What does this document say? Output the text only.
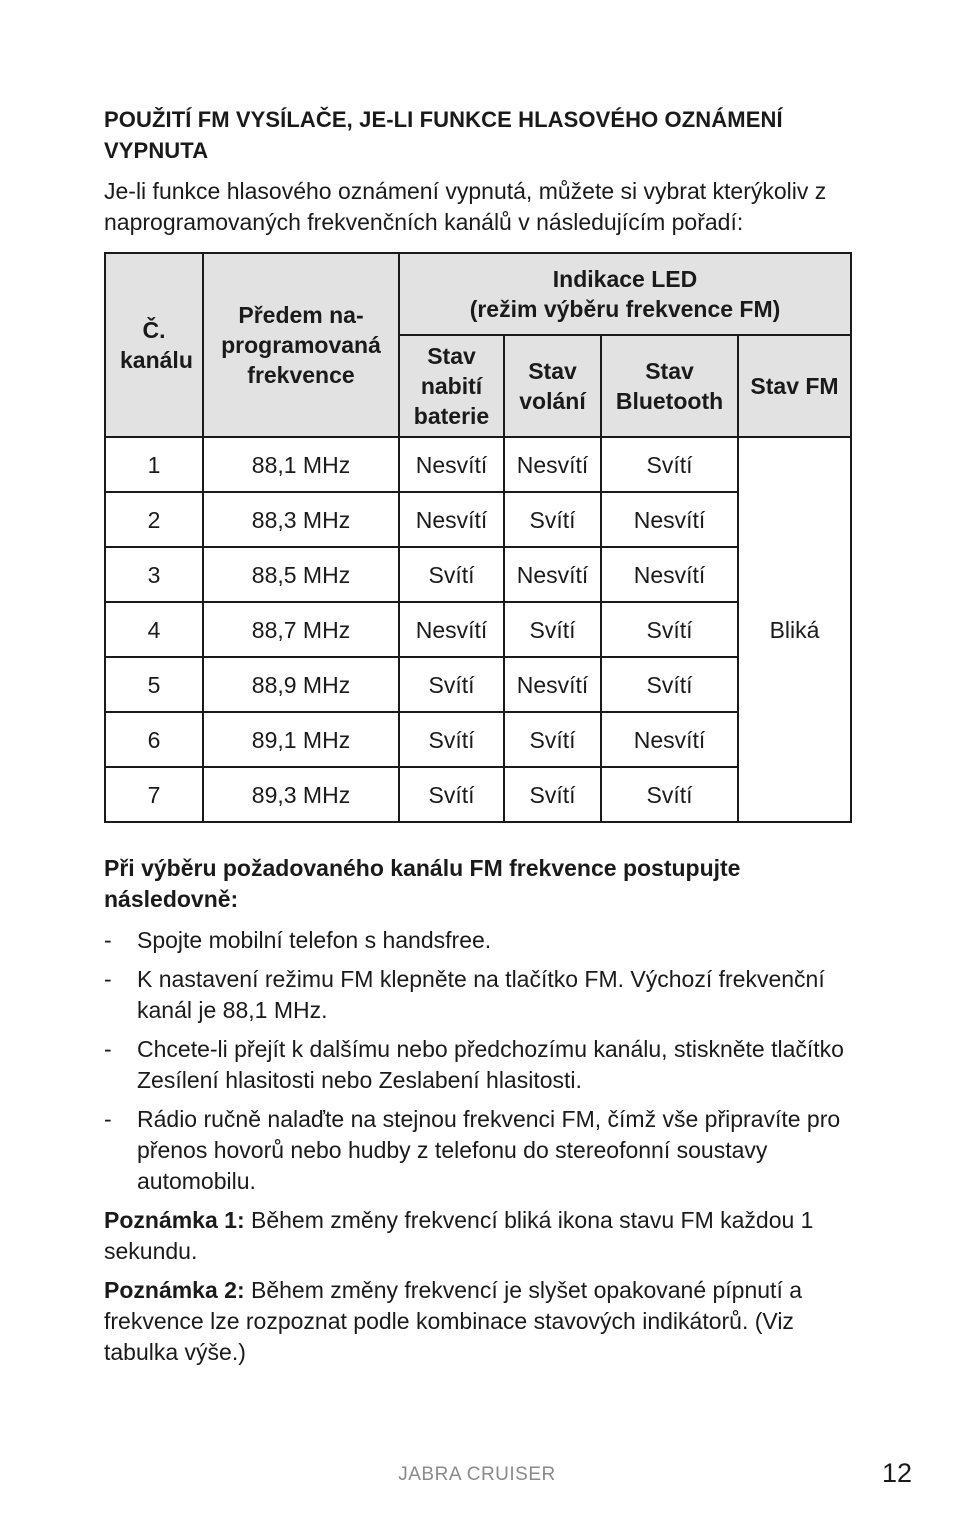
POUŽITÍ FM VYSÍLAČE, JE-LI FUNKCE HLASOVÉHO OZNÁMENÍ VYPNUTA
Je-li funkce hlasového oznámení vypnutá, můžete si vybrat kterýkoliv z naprogramovaných frekvenčních kanálů v následujícím pořadí:
Č. kanálu	Předem na-programovaná frekvence	Indikace LED
(režim výběru frekvence FM)			

		Stav nabití baterie	Stav volání	Stav Bluetooth	Stav FM
1	88,1 MHz	Nesvítí	Nesvítí	Svítí	Bliká
2	88,3 MHz	Nesvítí	Svítí	Nesvítí	
3	88,5 MHz	Svítí	Nesvítí	Nesvítí	
4	88,7 MHz	Nesvítí	Svítí	Svítí	
5	88,9 MHz	Svítí	Nesvítí	Svítí	
6	89,1 MHz	Svítí	Svítí	Nesvítí	
7	89,3 MHz	Svítí	Svítí	Svítí	
Při výběru požadovaného kanálu FM frekvence postupujte následovně:
- Spojte mobilní telefon s handsfree.
- K nastavení režimu FM klepněte na tlačítko FM. Výchozí frekvenční kanál je 88,1 MHz.
- Chcete-li přejít k dalšímu nebo předchozímu kanálu, stiskněte tlačítko Zesílení hlasitosti nebo Zeslabení hlasitosti.
- Rádio ručně nalaďte na stejnou frekvenci FM, čímž vše připravíte pro přenos hovorů nebo hudby z telefonu do stereofonní soustavy automobilu.

Poznámka 1: Během změny frekvencí bliká ikona stavu FM každou 1 sekundu.

Poznámka 2: Během změny frekvencí je slyšet opakované pípnutí a frekvence lze rozpoznat podle kombinace stavových indikátorů. (Viz tabulka výše.)

JABRA CRUISER	12
